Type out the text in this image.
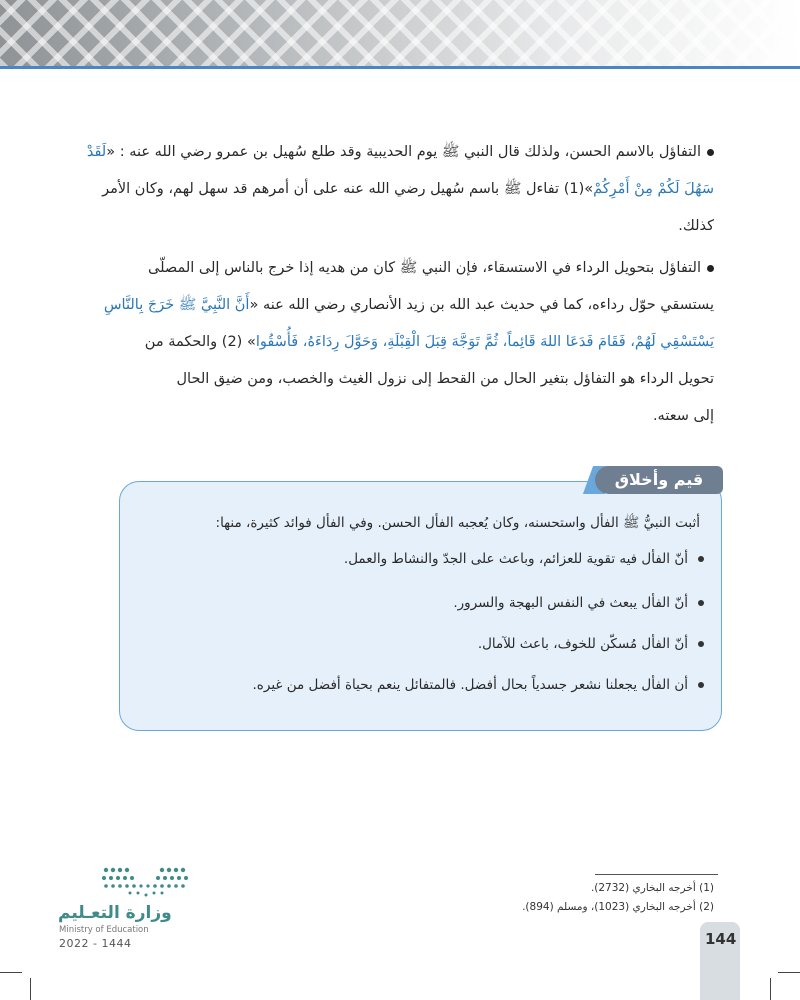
التفاؤل بالاسم الحسن، ولذلك قال النبي ﷺ يوم الحديبية وقد طلع سُهيل بن عمرو رضي الله عنه : «لَقَدْ
سَهُلَ لَكُمْ مِنْ أَمْرِكُمْ»(1) تفاءل ﷺ باسم سُهيل رضي الله عنه على أن أمرهم قد سهل لهم، وكان الأمر
كذلك.
التفاؤل بتحويل الرداء في الاستسقاء، فإن النبي ﷺ كان من هديه إذا خرج بالناس إلى المصلّى
يستسقي حوّل رداءه، كما في حديث عبد الله بن زيد الأنصاري رضي الله عنه «أَنَّ النَّبِيَّ ﷺ خَرَجَ بِالنَّاسِ
يَسْتَسْقِي لَهُمْ، فَقَامَ فَدَعَا اللهَ قَائِماً، ثُمَّ تَوَجَّهَ قِبَلَ الْقِبْلَةِ، وَحَوَّلَ رِدَاءَهُ، فَأُسْقُوا» (2) والحكمة من
تحويل الرداء هو التفاؤل بتغير الحال من القحط إلى نزول الغيث والخصب، ومن ضيق الحال
إلى سعته.
قيم وأخلاق
أثبت النبيُّ ﷺ الفأل واستحسنه، وكان يُعجبه الفأل الحسن. وفي الفأل فوائد كثيرة، منها:
أنّ الفأل فيه تقوية للعزائم، وباعث على الجدّ والنشاط والعمل.
أنّ الفأل يبعث في النفس البهجة والسرور.
أنّ الفأل مُسكّن للخوف، باعث للآمال.
أن الفأل يجعلنا نشعر جسدياً بحال أفضل. فالمتفائل ينعم بحياة أفضل من غيره.
(1) أخرجه البخاري (2732).
(2) أخرجه البخاري (1023)، ومسلم (894).
وزارة التعـليم
Ministry of Education
2022 - 1444	144
